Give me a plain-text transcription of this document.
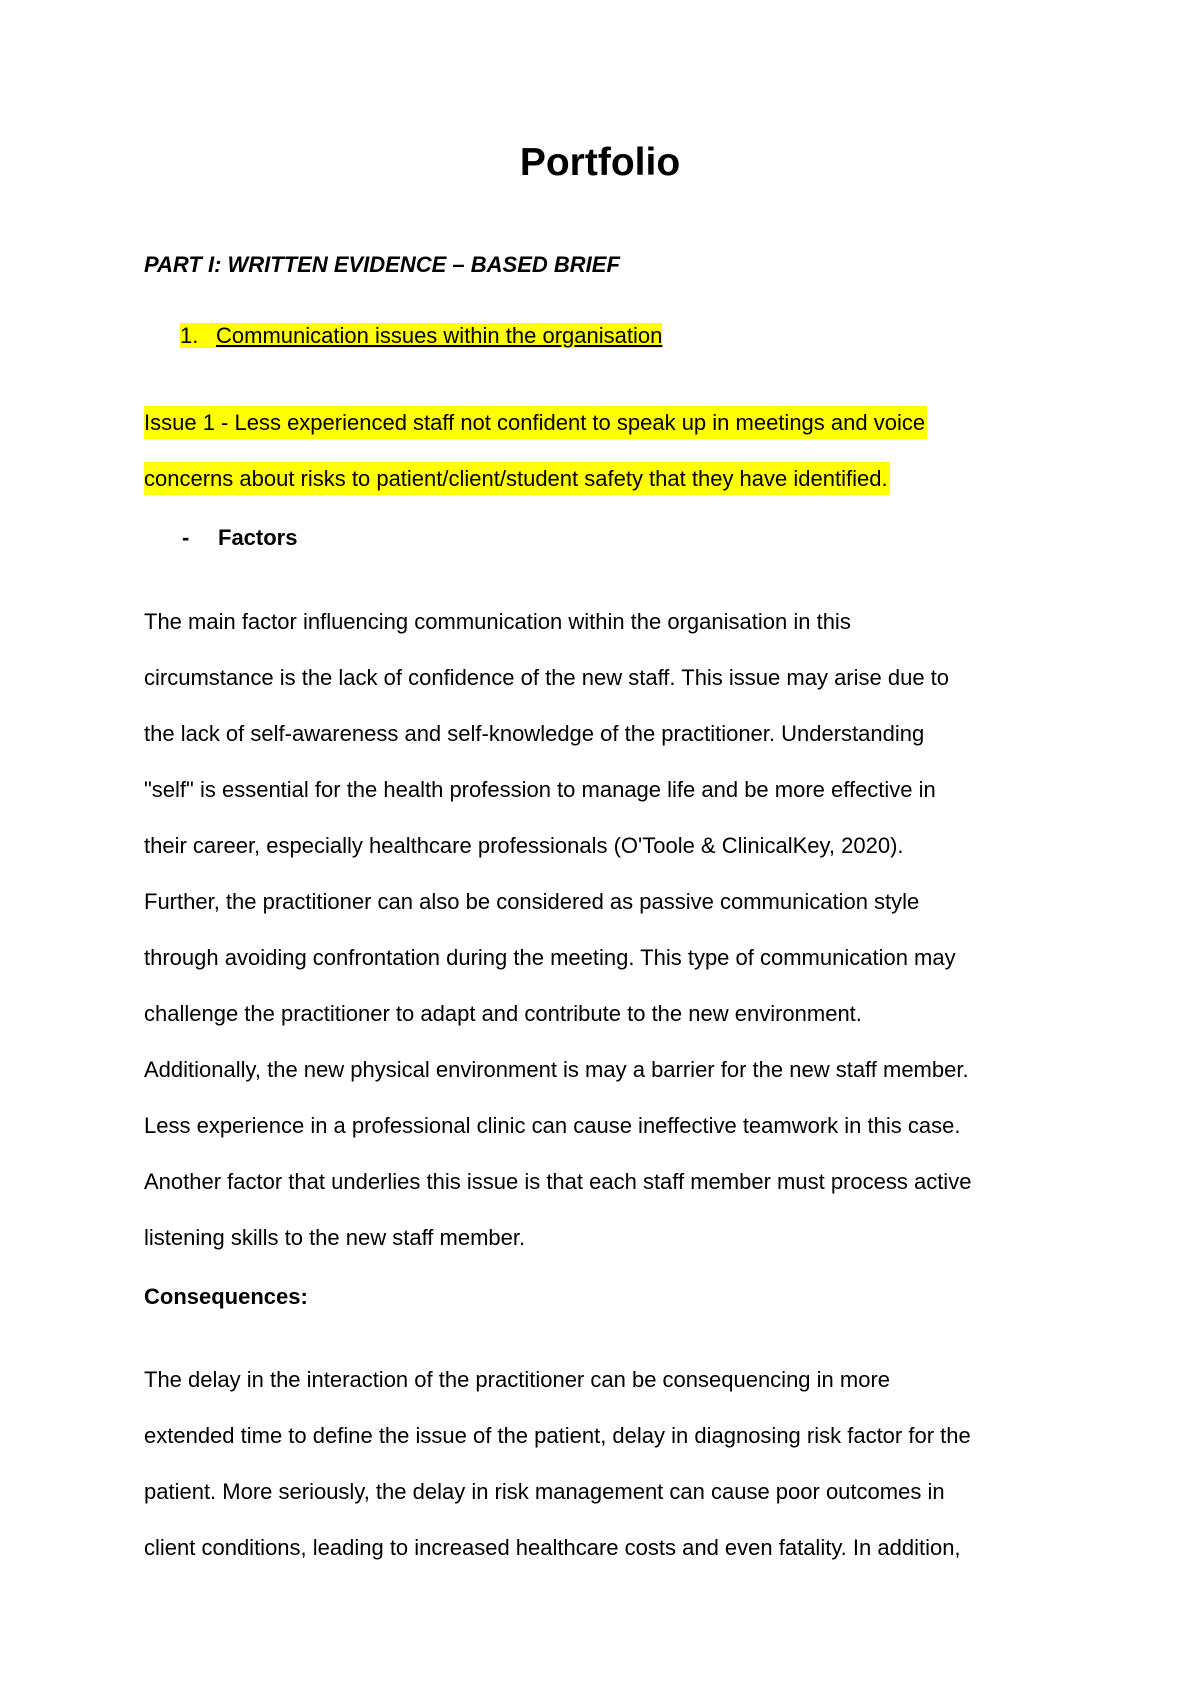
Portfolio

PART I: WRITTEN EVIDENCE – BASED BRIEF

1. Communication issues within the organisation

Issue 1 - Less experienced staff not confident to speak up in meetings and voice
concerns about risks to patient/client/student safety that they have identified.

- Factors

The main factor influencing communication within the organisation in this
circumstance is the lack of confidence of the new staff. This issue may arise due to
the lack of self-awareness and self-knowledge of the practitioner. Understanding
"self" is essential for the health profession to manage life and be more effective in
their career, especially healthcare professionals (O'Toole & ClinicalKey, 2020).
Further, the practitioner can also be considered as passive communication style
through avoiding confrontation during the meeting. This type of communication may
challenge the practitioner to adapt and contribute to the new environment.
Additionally, the new physical environment is may a barrier for the new staff member.
Less experience in a professional clinic can cause ineffective teamwork in this case.
Another factor that underlies this issue is that each staff member must process active
listening skills to the new staff member.

Consequences:

The delay in the interaction of the practitioner can be consequencing in more
extended time to define the issue of the patient, delay in diagnosing risk factor for the
patient. More seriously, the delay in risk management can cause poor outcomes in
client conditions, leading to increased healthcare costs and even fatality. In addition,
